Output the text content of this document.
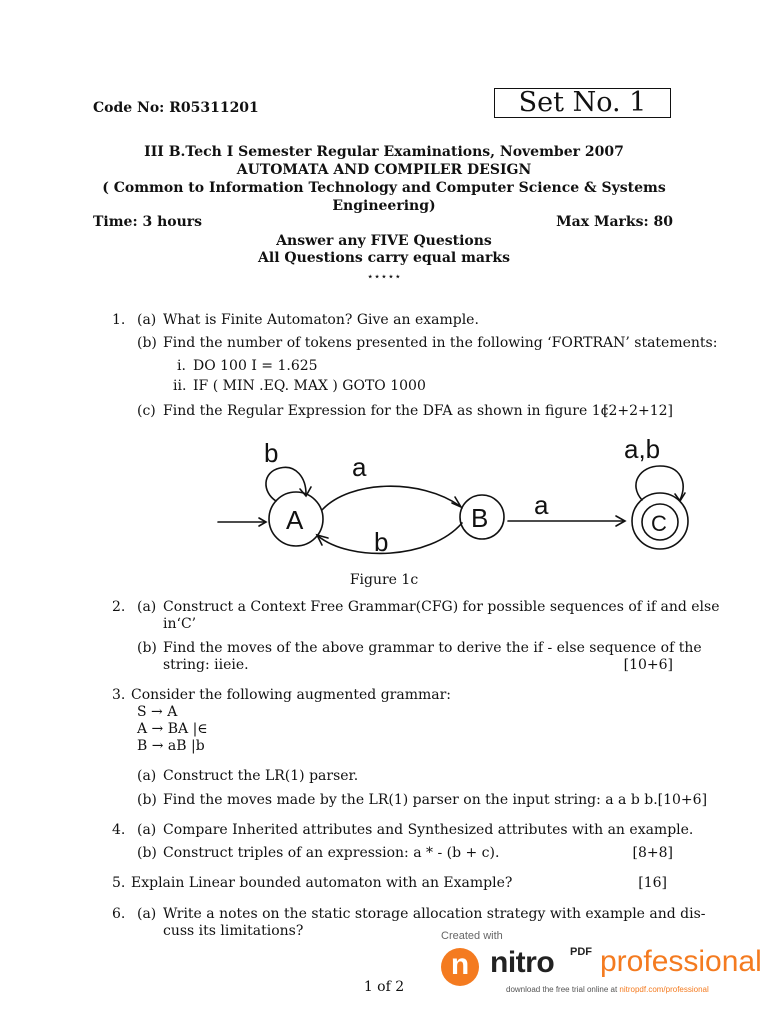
Code No: R05311201	Set No. 1
III B.Tech I Semester Regular Examinations, November 2007
AUTOMATA AND COMPILER DESIGN
( Common to Information Technology and Computer Science & Systems
Engineering)
Time: 3 hours	Max Marks: 80
Answer any FIVE Questions
All Questions carry equal marks
⋆⋆⋆⋆⋆
1. (a) What is Finite Automaton? Give an example.
(b) Find the number of tokens presented in the following ‘FORTRAN’ statements:
i. DO 100 I = 1.625
ii. IF ( MIN .EQ. MAX ) GOTO 1000
(c) Find the Regular Expression for the DFA as shown in figure 1c.
[2+2+12]
A	B	C
b	a
b
a
a,b
Figure 1c
2. (a) Construct a Context Free Grammar(CFG) for possible sequences of if and else
in‘C’
(b) Find the moves of the above grammar to derive the if - else sequence of the
string: iieie.	[10+6]
3. Consider the following augmented grammar:
S → A
A → BA |∈
B → aB |b
(a) Construct the LR(1) parser.
(b) Find the moves made by the LR(1) parser on the input string: a a b b.[10+6]
4. (a) Compare Inherited attributes and Synthesized attributes with an example.
(b) Construct triples of an expression: a * - (b + c).	[8+8]
5. Explain Linear bounded automaton with an Example?	[16]
6. (a) Write a notes on the static storage allocation strategy with example and dis-
cuss its limitations?
1 of 2
Created with
n nitro PDF professional
download the free trial online at nitropdf.com/professional
